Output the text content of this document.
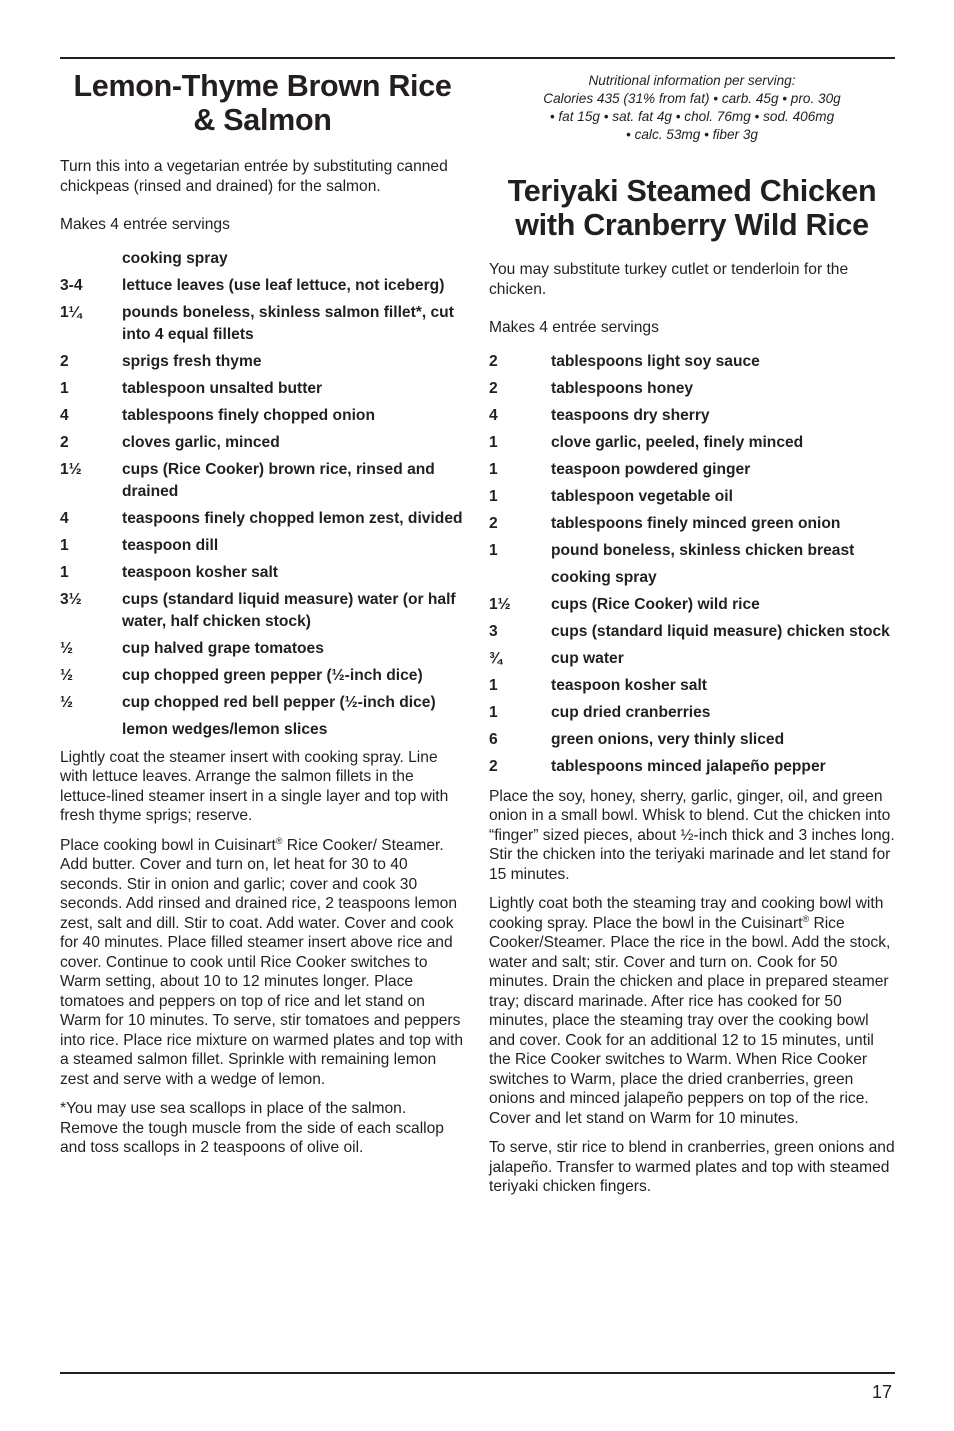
Lemon-Thyme Brown Rice & Salmon

Turn this into a vegetarian entrée by substituting canned chickpeas (rinsed and drained) for the salmon.

Makes 4 entrée servings

cooking spray
3-4	lettuce leaves (use leaf lettuce, not iceberg)
1¼	pounds boneless, skinless salmon fillet*, cut into 4 equal fillets
2	sprigs fresh thyme
1	tablespoon unsalted butter
4	tablespoons finely chopped onion
2	cloves garlic, minced
1½	cups (Rice Cooker) brown rice, rinsed and drained
4	teaspoons finely chopped lemon zest, divided
1	teaspoon dill
1	teaspoon kosher salt
3½	cups (standard liquid measure) water (or half water, half chicken stock)
½	cup halved grape tomatoes
½	cup chopped green pepper (½-inch dice)
½	cup chopped red bell pepper (½-inch dice)
lemon wedges/lemon slices

Lightly coat the steamer insert with cooking spray. Line with lettuce leaves. Arrange the salmon fillets in the lettuce-lined steamer insert in a single layer and top with fresh thyme sprigs; reserve.

Place cooking bowl in Cuisinart® Rice Cooker/ Steamer. Add butter. Cover and turn on, let heat for 30 to 40 seconds. Stir in onion and garlic; cover and cook 30 seconds. Add rinsed and drained rice, 2 teaspoons lemon zest, salt and dill. Stir to coat. Add water. Cover and cook for 40 minutes. Place filled steamer insert above rice and cover. Continue to cook until Rice Cooker switches to Warm setting, about 10 to 12 minutes longer. Place tomatoes and peppers on top of rice and let stand on Warm for 10 minutes. To serve, stir tomatoes and peppers into rice. Place rice mixture on warmed plates and top with a steamed salmon fillet. Sprinkle with remaining lemon zest and serve with a wedge of lemon.

*You may use sea scallops in place of the salmon. Remove the tough muscle from the side of each scallop and toss scallops in 2 teaspoons of olive oil.

Nutritional information per serving:
Calories 435 (31% from fat) • carb. 45g • pro. 30g
• fat 15g • sat. fat 4g • chol. 76mg • sod. 406mg
• calc. 53mg • fiber 3g
Teriyaki Steamed Chicken with Cranberry Wild Rice

You may substitute turkey cutlet or tenderloin for the chicken.

Makes 4 entrée servings

2	tablespoons light soy sauce
2	tablespoons honey
4	teaspoons dry sherry
1	clove garlic, peeled, finely minced
1	teaspoon powdered ginger
1	tablespoon vegetable oil
2	tablespoons finely minced green onion
1	pound boneless, skinless chicken breast
cooking spray
1½	cups (Rice Cooker) wild rice
3	cups (standard liquid measure) chicken stock
¾	cup water
1	teaspoon kosher salt
1	cup dried cranberries
6	green onions, very thinly sliced
2	tablespoons minced jalapeño pepper

Place the soy, honey, sherry, garlic, ginger, oil, and green onion in a small bowl. Whisk to blend. Cut the chicken into “finger” sized pieces, about ½-inch thick and 3 inches long. Stir the chicken into the teriyaki marinade and let stand for 15 minutes.

Lightly coat both the steaming tray and cooking bowl with cooking spray. Place the bowl in the Cuisinart® Rice Cooker/Steamer. Place the rice in the bowl. Add the stock, water and salt; stir. Cover and turn on. Cook for 50 minutes. Drain the chicken and place in prepared steamer tray; discard marinade. After rice has cooked for 50 minutes, place the steaming tray over the cooking bowl and cover. Cook for an additional 12 to 15 minutes, until the Rice Cooker switches to Warm. When Rice Cooker switches to Warm, place the dried cranberries, green onions and minced jalapeño peppers on top of the rice. Cover and let stand on Warm for 10 minutes.

To serve, stir rice to blend in cranberries, green onions and jalapeño. Transfer to warmed plates and top with steamed teriyaki chicken fingers.

17
